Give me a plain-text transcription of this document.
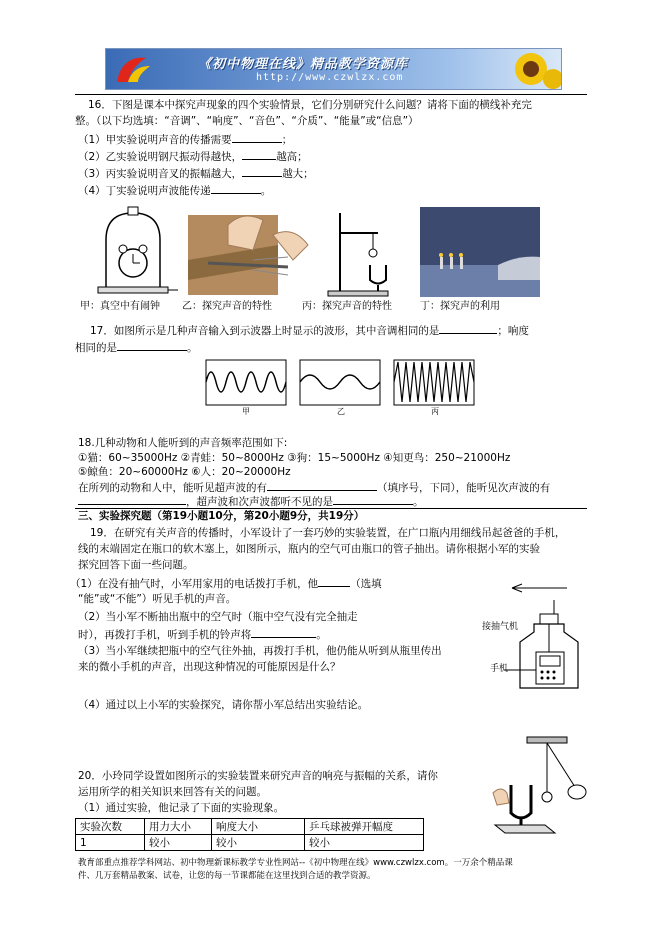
《初中物理在线》精品教学资源库
http://www.czwlzx.com
16．下图是课本中探究声现象的四个实验情景，它们分别研究什么问题？请将下面的横线补充完
整。（以下均选填：“音调”、“响度”、“音色”、“介质”、“能量”或“信息”）
（1）甲实验说明声音的传播需要	；
（2）乙实验说明钢尺振动得越快，	越高；
（3）丙实验说明音叉的振幅越大，	越大；
（4）丁实验说明声波能传递	。
甲：真空中有闹钟 乙：探究声音的特性	丙：探究声音的特性	丁：探究声的利用
17．如图所示是几种声音输入到示波器上时显示的波形，其中音调相同的是	；响度
相同的是	。
甲	乙	丙
18.几种动物和人能听到的声音频率范围如下:
①猫：60~35000Hz ②青蛙：50~8000Hz ③狗：15~5000Hz ④知更鸟：250~21000Hz
⑤鲸鱼：20~60000Hz ⑥人：20~20000Hz
在所列的动物和人中，能听见超声波的有	（填序号，下同），能听见次声波的有
，超声波和次声波都听不见的是	。
三、实验探究题（第19小题10分，第20小题9分，共19分）
19．在研究有关声音的传播时，小军设计了一套巧妙的实验装置，在广口瓶内用细线吊起爸爸的手机，
线的末端固定在瓶口的软木塞上，如图所示，瓶内的空气可由瓶口的管子抽出。请你根据小军的实验
探究回答下面一些问题。
（1）在没有抽气时，小军用家用的电话拨打手机，他	（选填
“能”或“不能”）听见手机的声音。
（2）当小军不断抽出瓶中的空气时（瓶中空气没有完全抽走
时），再拨打手机，听到手机的铃声将	。
（3）当小军继续把瓶中的空气往外抽，再拨打手机，他仍能从听到从瓶里传出
来的微小手机的声音，出现这种情况的可能原因是什么？
（4）通过以上小军的实验探究，请你帮小军总结出实验结论。
接抽气机
手机
20．小玲同学设置如图所示的实验装置来研究声音的响亮与振幅的关系，请你
运用所学的相关知识来回答有关的问题。
（1）通过实验，他记录了下面的实验现象。
实验次数	用力大小	响度大小	乒乓球被弹开幅度
1	较小	较小	较小
教育部重点推荐学科网站、初中物理新课标教学专业性网站--《初中物理在线》www.czwlzx.com。一万余个精品课
件、几万套精品教案、试卷，让您的每一节课都能在这里找到合适的教学资源。
